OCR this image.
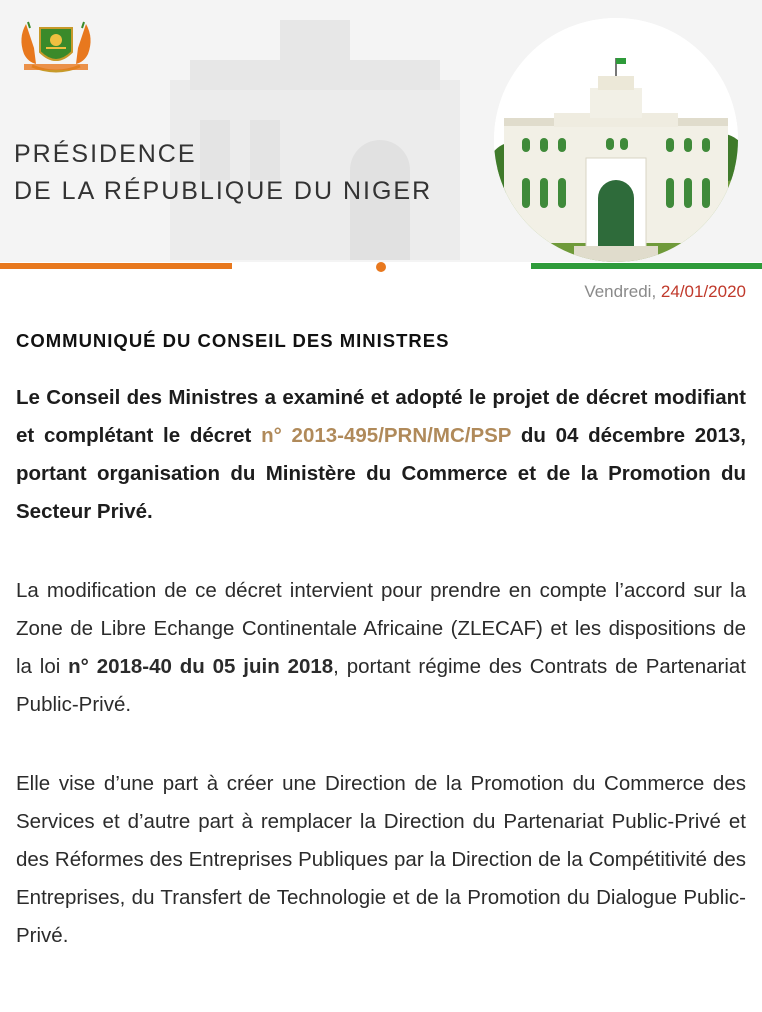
PRÉSIDENCE
DE LA RÉPUBLIQUE DU NIGER
Vendredi, 24/01/2020
COMMUNIQUÉ DU CONSEIL DES MINISTRES
Le Conseil des Ministres a examiné et adopté le projet de décret modifiant et complétant le décret n° 2013-495/PRN/MC/PSP du 04 décembre 2013, portant organisation du Ministère du Commerce et de la Promotion du Secteur Privé.
La modification de ce décret intervient pour prendre en compte l’accord sur la Zone de Libre Echange Continentale Africaine (ZLECAF) et les dispositions de la loi n° 2018-40 du 05 juin 2018, portant régime des Contrats de Partenariat Public-Privé.
Elle vise d’une part à créer une Direction de la Promotion du Commerce des Services et d’autre part à remplacer la Direction du Partenariat Public-Privé et des Réformes des Entreprises Publiques par la Direction de la Compétitivité des Entreprises, du Transfert de Technologie et de la Promotion du Dialogue Public-Privé.
